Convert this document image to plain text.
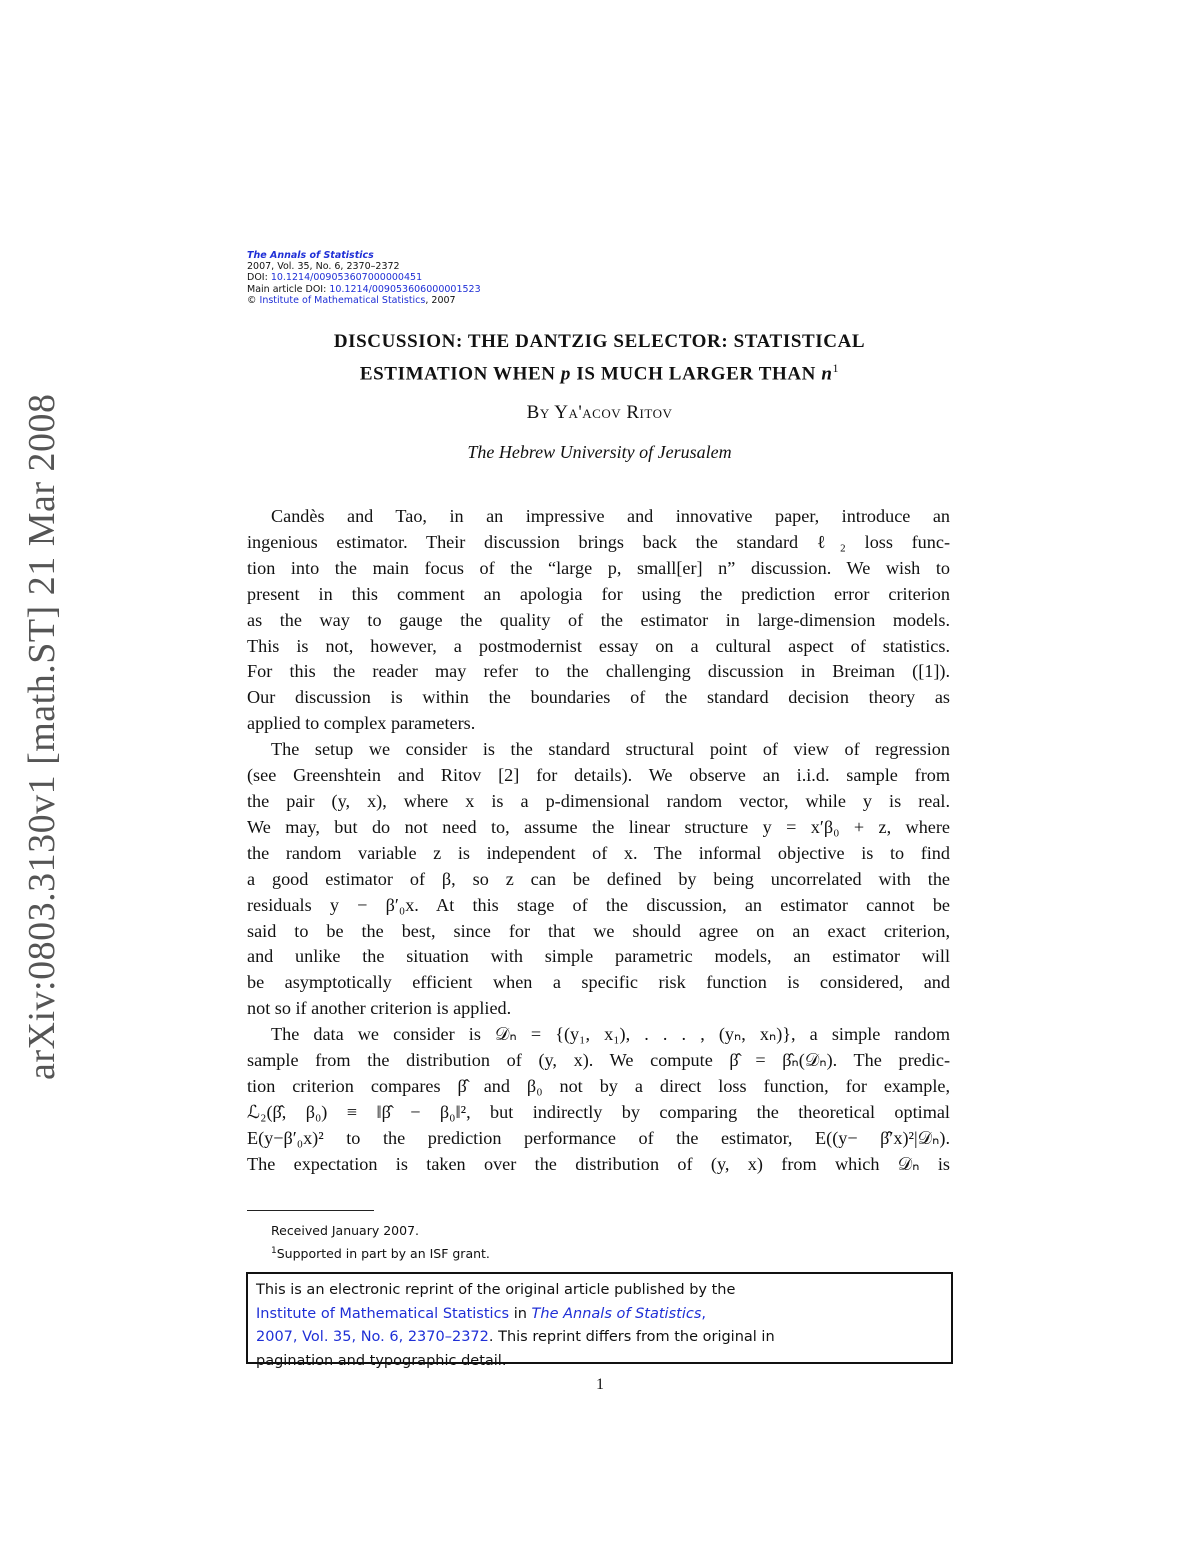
arXiv:0803.3130v1 [math.ST] 21 Mar 2008
The Annals of Statistics
2007, Vol. 35, No. 6, 2370–2372
DOI: 10.1214/009053607000000451
Main article DOI: 10.1214/009053606000001523
© Institute of Mathematical Statistics, 2007
DISCUSSION: THE DANTZIG SELECTOR: STATISTICAL
ESTIMATION WHEN p IS MUCH LARGER THAN $n^1$
By Ya'acov Ritov
The Hebrew University of Jerusalem
Candès and Tao, in an impressive and innovative paper, introduce an
ingenious estimator. Their discussion brings back the standard ℓ₂ loss func-
tion into the main focus of the “large p, small[er] n” discussion. We wish to
present in this comment an apologia for using the prediction error criterion
as the way to gauge the quality of the estimator in large-dimension models.
This is not, however, a postmodernist essay on a cultural aspect of statistics.
For this the reader may refer to the challenging discussion in Breiman ([1]).
Our discussion is within the boundaries of the standard decision theory as
applied to complex parameters.
The setup we consider is the standard structural point of view of regression
(see Greenshtein and Ritov [2] for details). We observe an i.i.d. sample from
the pair (y, x), where x is a p-dimensional random vector, while y is real.
We may, but do not need to, assume the linear structure y = x′β₀ + z, where
the random variable z is independent of x. The informal objective is to find
a good estimator of β, so z can be defined by being uncorrelated with the
residuals y − β′₀x. At this stage of the discussion, an estimator cannot be
said to be the best, since for that we should agree on an exact criterion,
and unlike the situation with simple parametric models, an estimator will
be asymptotically efficient when a specific risk function is considered, and
not so if another criterion is applied.
The data we consider is 𝒟ₙ = {(y₁, x₁), . . . , (yₙ, xₙ)}, a simple random
sample from the distribution of (y, x). We compute β̂ = β̂ₙ(𝒟ₙ). The predic-
tion criterion compares β̂ and β₀ not by a direct loss function, for example,
ℒ₂(β̂, β₀) ≡ ‖β̂ − β₀‖², but indirectly by comparing the theoretical optimal
E(y−β′₀x)² to the prediction performance of the estimator, E((y− β̂′x)²|𝒟ₙ).
The expectation is taken over the distribution of (y, x) from which 𝒟ₙ is
Received January 2007.
$^1$Supported in part by an ISF grant.
This is an electronic reprint of the original article published by the
Institute of Mathematical Statistics in The Annals of Statistics,
2007, Vol. 35, No. 6, 2370–2372. This reprint differs from the original in
pagination and typographic detail.
1
